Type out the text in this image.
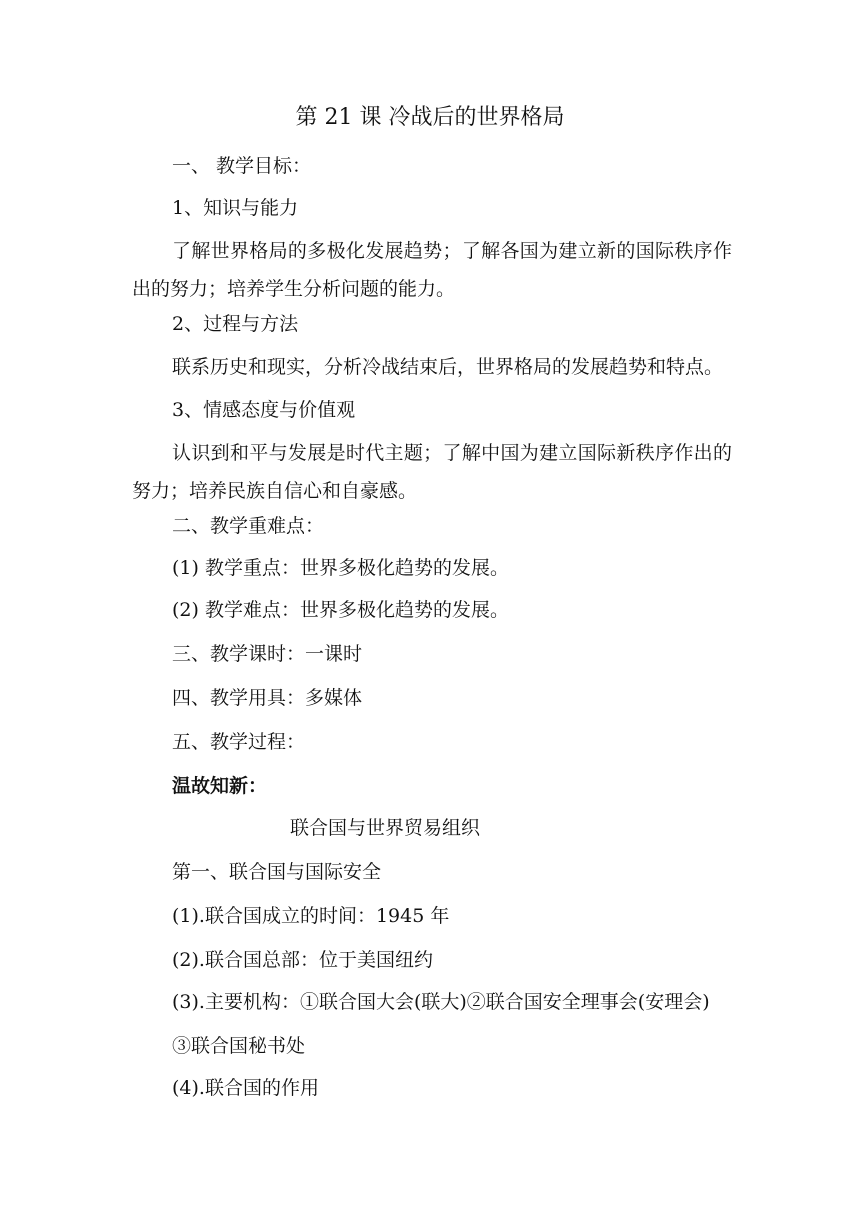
第 21 课 冷战后的世界格局
一、 教学目标：
1、知识与能力
了解世界格局的多极化发展趋势；了解各国为建立新的国际秩序作出的努力；培养学生分析问题的能力。
2、过程与方法
联系历史和现实，分析冷战结束后，世界格局的发展趋势和特点。
3、情感态度与价值观
认识到和平与发展是时代主题；了解中国为建立国际新秩序作出的努力；培养民族自信心和自豪感。
二、教学重难点：
(1) 教学重点：世界多极化趋势的发展。
(2) 教学难点：世界多极化趋势的发展。
三、教学课时：一课时
四、教学用具：多媒体
五、教学过程：
温故知新：
联合国与世界贸易组织
第一、联合国与国际安全
(1).联合国成立的时间：1945 年
(2).联合国总部：位于美国纽约
(3).主要机构：①联合国大会(联大)②联合国安全理事会(安理会)
③联合国秘书处
(4).联合国的作用
